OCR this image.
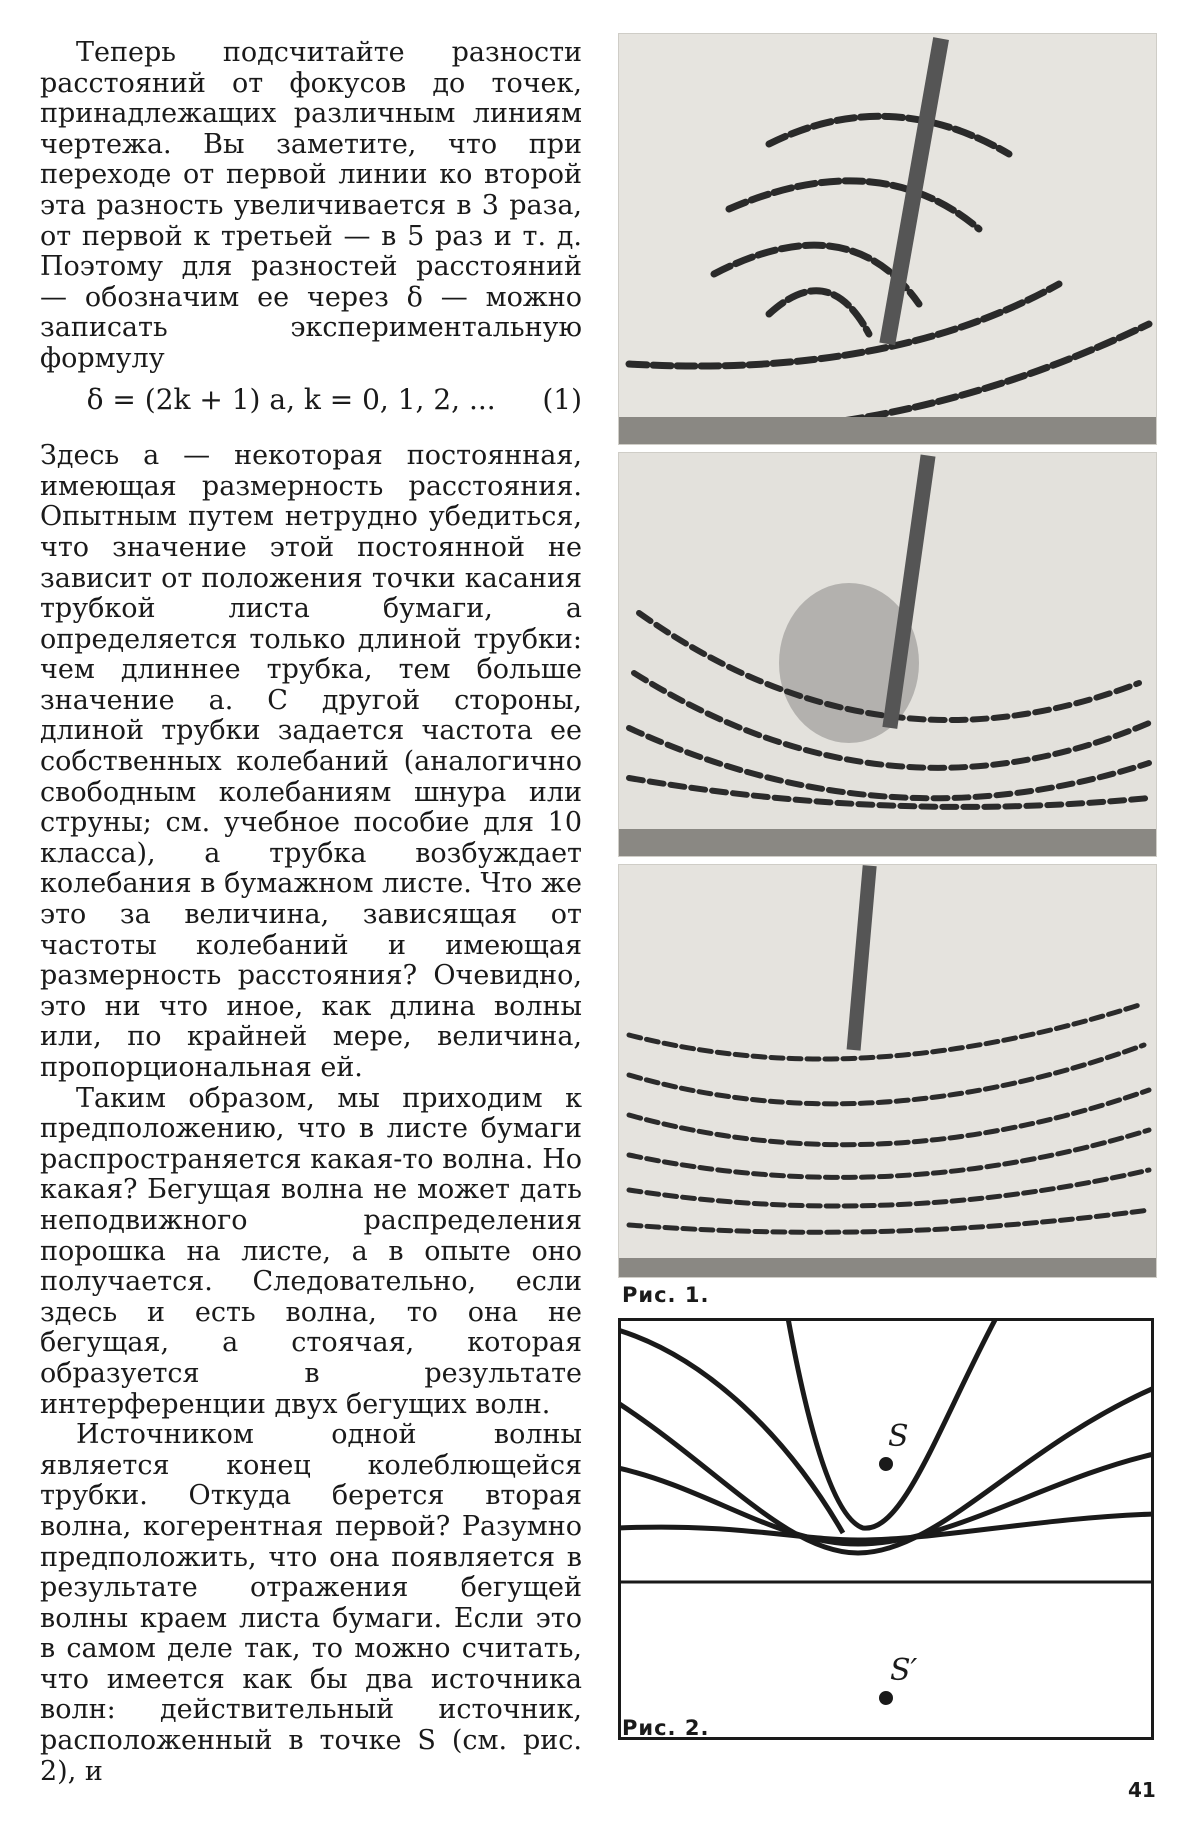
Теперь подсчитайте разности расстояний от фокусов до точек, принадлежащих различным линиям чертежа. Вы заметите, что при переходе от первой линии ко второй эта разность увеличивается в 3 раза, от первой к третьей — в 5 раз и т. д. Поэтому для разностей расстояний — обозначим ее через δ — можно записать экспериментальную формулу

δ = (2k + 1) a, k = 0, 1, 2, ... (1)

Здесь a — некоторая постоянная, имеющая размерность расстояния. Опытным путем нетрудно убедиться, что значение этой постоянной не зависит от положения точки касания трубкой листа бумаги, а определяется только длиной трубки: чем длиннее трубка, тем больше значение a. С другой стороны, длиной трубки задается частота ее собственных колебаний (аналогично свободным колебаниям шнура или струны; см. учебное пособие для 10 класса), а трубка возбуждает колебания в бумажном листе. Что же это за величина, зависящая от частоты колебаний и имеющая размерность расстояния? Очевидно, это ни что иное, как длина волны или, по крайней мере, величина, пропорциональная ей.

Таким образом, мы приходим к предположению, что в листе бумаги распространяется какая-то волна. Но какая? Бегущая волна не может дать неподвижного распределения порошка на листе, а в опыте оно получается. Следовательно, если здесь и есть волна, то она не бегущая, а стоячая, которая образуется в результате интерференции двух бегущих волн.

Источником одной волны является конец колеблющейся трубки. Откуда берется вторая волна, когерентная первой? Разумно предположить, что она появляется в результате отражения бегущей волны краем листа бумаги. Если это в самом деле так, то можно считать, что имеется как бы два источника волн: действительный источник, расположенный в точке S (см. рис. 2), и

Рис. 1.
S
S′
Рис. 2.
41
